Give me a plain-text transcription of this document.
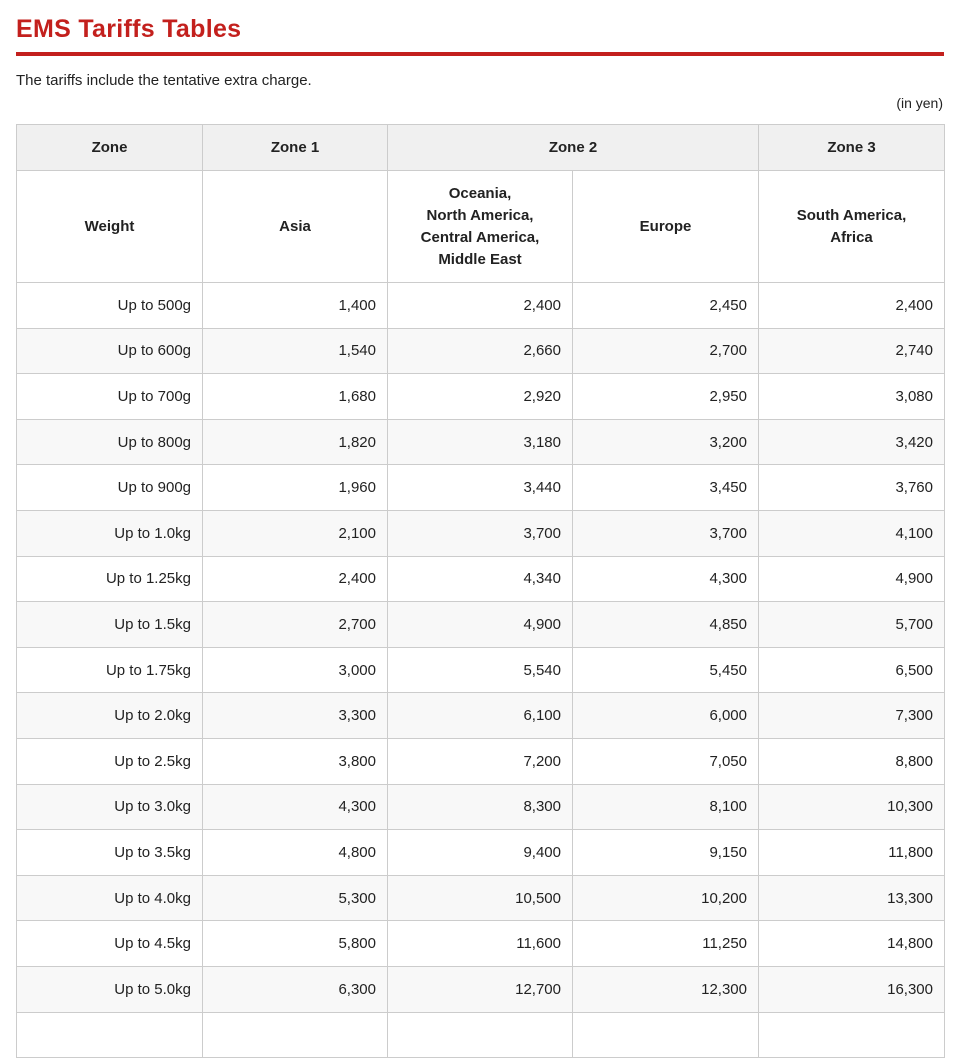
EMS Tariffs Tables

The tariffs include the tentative extra charge.

(in yen)
Zone	Zone 1	Zone 2		Zone 3
Weight	Asia	Oceania,
North America,
Central America,
Middle East	Europe	South America,
Africa
Up to 500g	1,400	2,400	2,450	2,400
Up to 600g	1,540	2,660	2,700	2,740
Up to 700g	1,680	2,920	2,950	3,080
Up to 800g	1,820	3,180	3,200	3,420
Up to 900g	1,960	3,440	3,450	3,760
Up to 1.0kg	2,100	3,700	3,700	4,100
Up to 1.25kg	2,400	4,340	4,300	4,900
Up to 1.5kg	2,700	4,900	4,850	5,700
Up to 1.75kg	3,000	5,540	5,450	6,500
Up to 2.0kg	3,300	6,100	6,000	7,300
Up to 2.5kg	3,800	7,200	7,050	8,800
Up to 3.0kg	4,300	8,300	8,100	10,300
Up to 3.5kg	4,800	9,400	9,150	11,800
Up to 4.0kg	5,300	10,500	10,200	13,300
Up to 4.5kg	5,800	11,600	11,250	14,800
Up to 5.0kg	6,300	12,700	12,300	16,300
